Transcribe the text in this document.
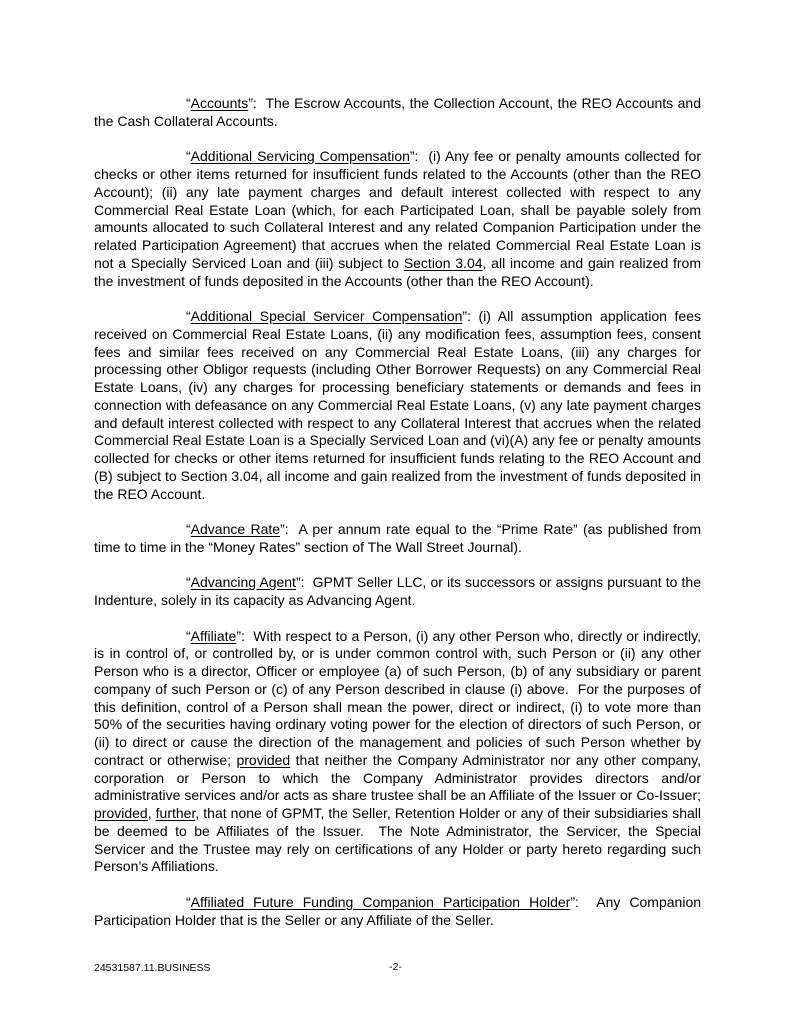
“Accounts”:  The Escrow Accounts, the Collection Account, the REO Accounts and the Cash Collateral Accounts.

“Additional Servicing Compensation”:  (i) Any fee or penalty amounts collected for checks or other items returned for insufficient funds related to the Accounts (other than the REO Account); (ii) any late payment charges and default interest collected with respect to any Commercial Real Estate Loan (which, for each Participated Loan, shall be payable solely from amounts allocated to such Collateral Interest and any related Companion Participation under the related Participation Agreement) that accrues when the related Commercial Real Estate Loan is not a Specially Serviced Loan and (iii) subject to Section 3.04, all income and gain realized from the investment of funds deposited in the Accounts (other than the REO Account).

“Additional Special Servicer Compensation”: (i) All assumption application fees received on Commercial Real Estate Loans, (ii) any modification fees, assumption fees, consent fees and similar fees received on any Commercial Real Estate Loans, (iii) any charges for processing other Obligor requests (including Other Borrower Requests) on any Commercial Real Estate Loans, (iv) any charges for processing beneficiary statements or demands and fees in connection with defeasance on any Commercial Real Estate Loans, (v) any late payment charges and default interest collected with respect to any Collateral Interest that accrues when the related Commercial Real Estate Loan is a Specially Serviced Loan and (vi)(A) any fee or penalty amounts collected for checks or other items returned for insufficient funds relating to the REO Account and (B) subject to Section 3.04, all income and gain realized from the investment of funds deposited in the REO Account.

“Advance Rate”:  A per annum rate equal to the “Prime Rate” (as published from time to time in the “Money Rates” section of The Wall Street Journal).

“Advancing Agent”:  GPMT Seller LLC, or its successors or assigns pursuant to the Indenture, solely in its capacity as Advancing Agent.

“Affiliate”:  With respect to a Person, (i) any other Person who, directly or indirectly, is in control of, or controlled by, or is under common control with, such Person or (ii) any other Person who is a director, Officer or employee (a) of such Person, (b) of any subsidiary or parent company of such Person or (c) of any Person described in clause (i) above.  For the purposes of this definition, control of a Person shall mean the power, direct or indirect, (i) to vote more than 50% of the securities having ordinary voting power for the election of directors of such Person, or (ii) to direct or cause the direction of the management and policies of such Person whether by contract or otherwise; provided that neither the Company Administrator nor any other company, corporation or Person to which the Company Administrator provides directors and/or administrative services and/or acts as share trustee shall be an Affiliate of the Issuer or Co-Issuer; provided, further, that none of GPMT, the Seller, Retention Holder or any of their subsidiaries shall be deemed to be Affiliates of the Issuer.  The Note Administrator, the Servicer, the Special Servicer and the Trustee may rely on certifications of any Holder or party hereto regarding such Person’s Affiliations.

“Affiliated Future Funding Companion Participation Holder”:  Any Companion Participation Holder that is the Seller or any Affiliate of the Seller.

24531587.11.BUSINESS	-2-
